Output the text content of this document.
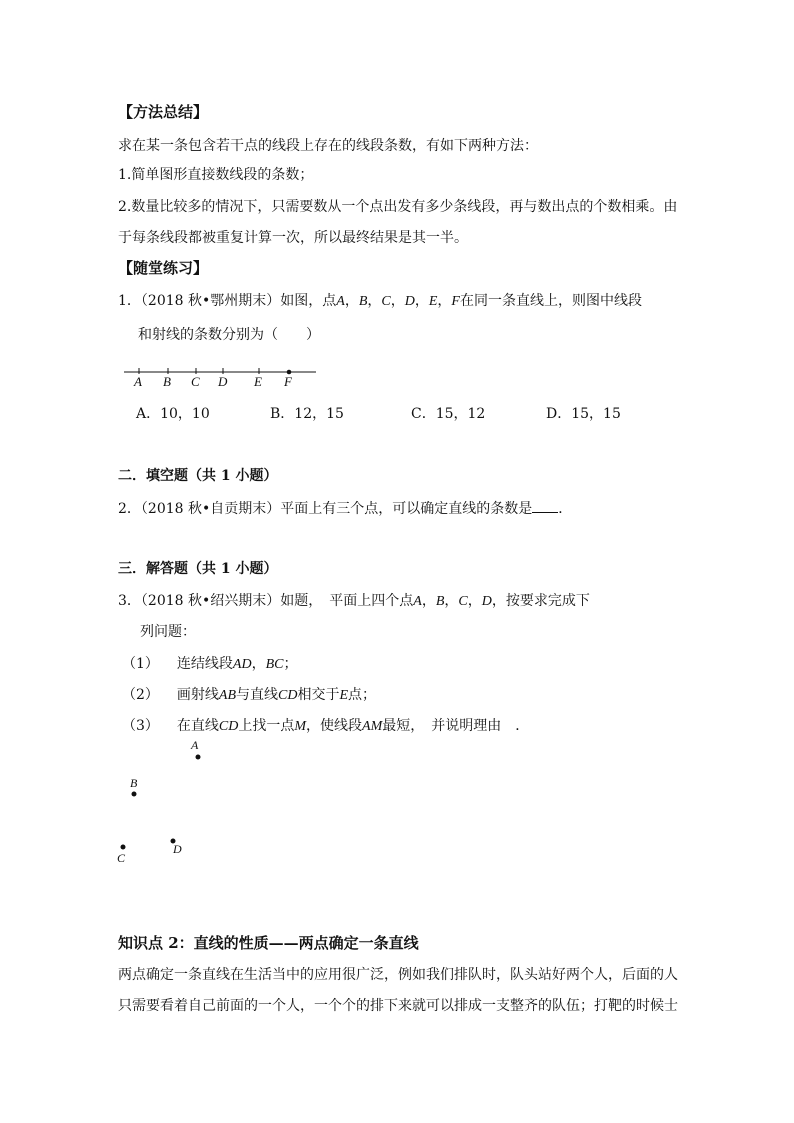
【方法总结】
求在某一条包含若干点的线段上存在的线段条数，有如下两种方法：
1.简单图形直接数线段的条数；
2.数量比较多的情况下，只需要数从一个点出发有多少条线段，再与数出点的个数相乘。由
于每条线段都被重复计算一次，所以最终结果是其一半。
【随堂练习】
1．（2018 秋•鄂州期末）如图，点A，B，C，D，E，F在同一条直线上，则图中线段
和射线的条数分别为（　　）
A B C D E F
A．10，10	B．12，15	C．15，12	D．15，15
二．填空题（共 1 小题）
2．（2018 秋•自贡期末）平面上有三个点，可以确定直线的条数是 ．
三．解答题（共 1 小题）
3．（2018 秋•绍兴期末）如题，　平面上四个点A，B，C，D，按要求完成下
列问题：
（1） 连结线段AD，BC；
（2） 画射线AB与直线CD相交于E点；
（3） 在直线CD上找一点M，使线段AM最短，　并说明理由　．
A
B
C
D
知识点 2：直线的性质——两点确定一条直线
两点确定一条直线在生活当中的应用很广泛，例如我们排队时，队头站好两个人，后面的人
只需要看着自己前面的一个人，一个个的排下来就可以排成一支整齐的队伍；打靶的时候士
